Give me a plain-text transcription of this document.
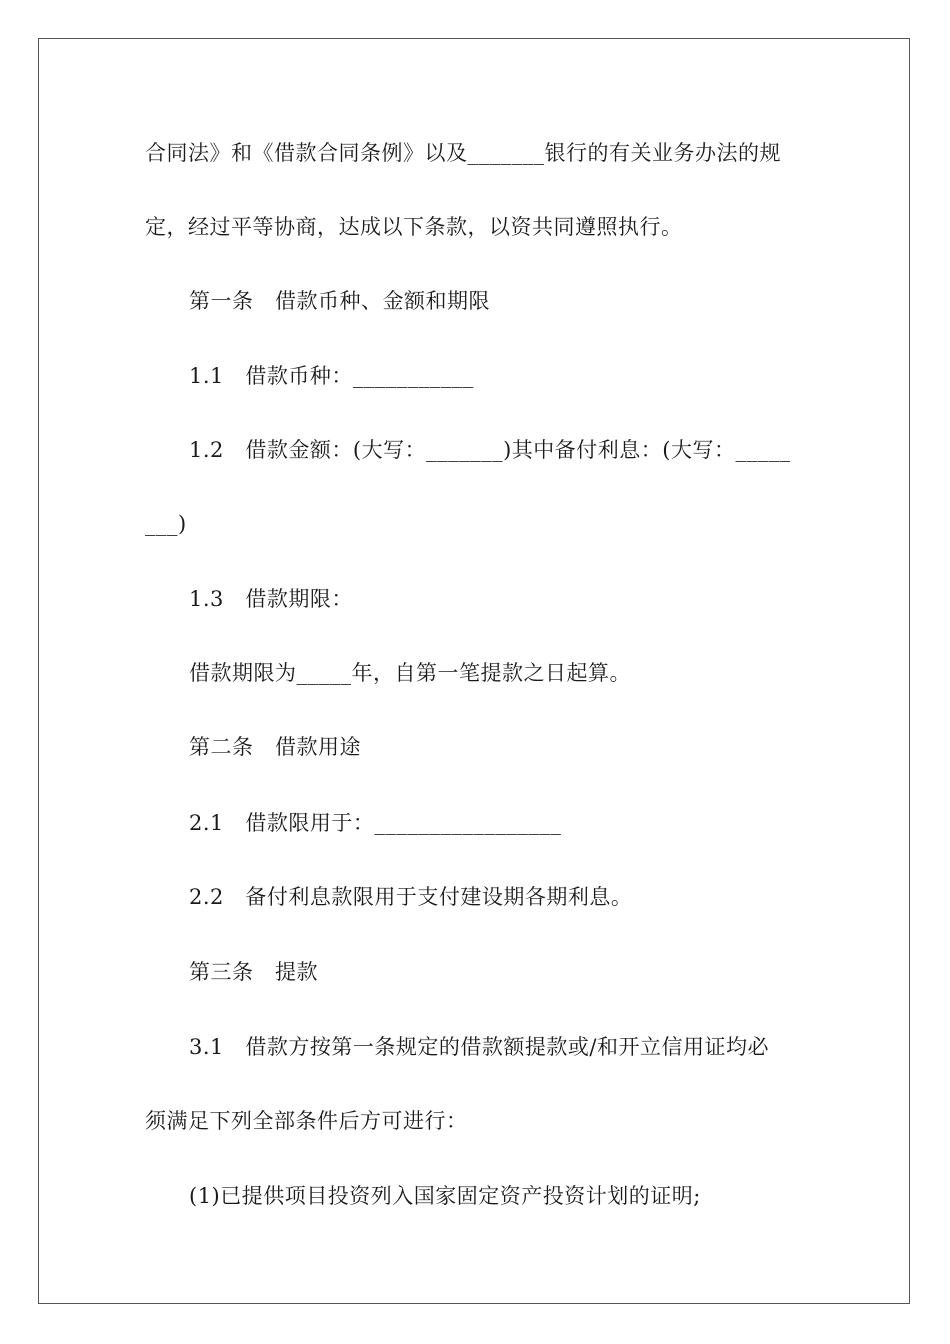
合同法》和《借款合同条例》以及_______银行的有关业务办法的规
定，经过平等协商，达成以下条款，以资共同遵照执行。
第一条　借款币种、金额和期限
1.1　借款币种：___________
1.2　借款金额：(大写：_______)其中备付利息：(大写：_____
___)
1.3　借款期限：
借款期限为_____年，自第一笔提款之日起算。
第二条　借款用途
2.1　借款限用于：_________________
2.2　备付利息款限用于支付建设期各期利息。
第三条　提款
3.1　借款方按第一条规定的借款额提款或/和开立信用证均必
须满足下列全部条件后方可进行：
(1)已提供项目投资列入国家固定资产投资计划的证明;
